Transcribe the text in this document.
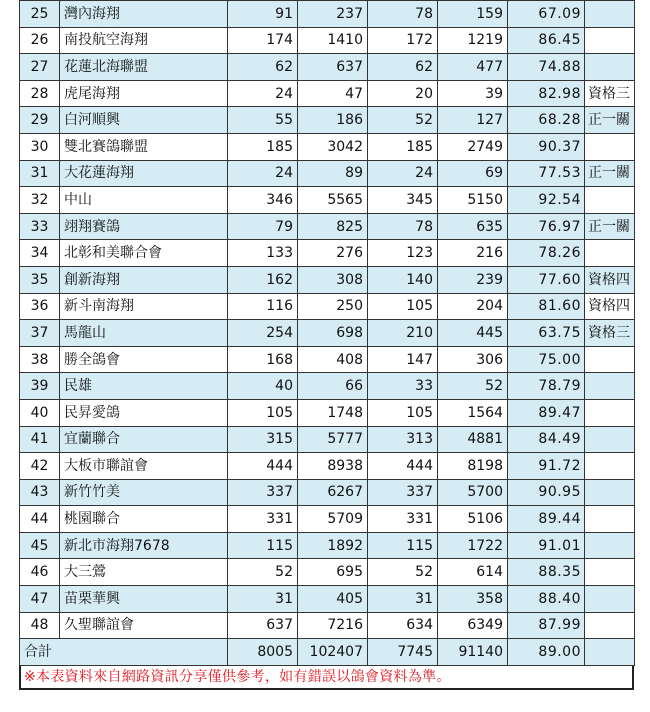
25	灣內海翔	91	237	78	159	67.09	
26	南投航空海翔	174	1410	172	1219	86.45	
27	花蓮北海聯盟	62	637	62	477	74.88	
28	虎尾海翔	24	47	20	39	82.98	資格三
29	白河順興	55	186	52	127	68.28	正一關
30	雙北賽鴿聯盟	185	3042	185	2749	90.37	
31	大花蓮海翔	24	89	24	69	77.53	正一關
32	中山	346	5565	345	5150	92.54	
33	翊翔賽鴿	79	825	78	635	76.97	正一關
34	北彰和美聯合會	133	276	123	216	78.26	
35	創新海翔	162	308	140	239	77.60	資格四
36	新斗南海翔	116	250	105	204	81.60	資格四
37	馬龍山	254	698	210	445	63.75	資格三
38	勝全鴿會	168	408	147	306	75.00	
39	民雄	40	66	33	52	78.79	
40	民昇愛鴿	105	1748	105	1564	89.47	
41	宜蘭聯合	315	5777	313	4881	84.49	
42	大板市聯誼會	444	8938	444	8198	91.72	
43	新竹竹美	337	6267	337	5700	90.95	
44	桃園聯合	331	5709	331	5106	89.44	
45	新北市海翔7678	115	1892	115	1722	91.01	
46	大三鶯	52	695	52	614	88.35	
47	苗栗華興	31	405	31	358	88.40	
48	久聖聯誼會	637	7216	634	6349	87.99	
合計		8005	102407	7745	91140	89.00	
※本表資料來自網路資訊分享僅供參考，如有錯誤以鴿會資料為準。
